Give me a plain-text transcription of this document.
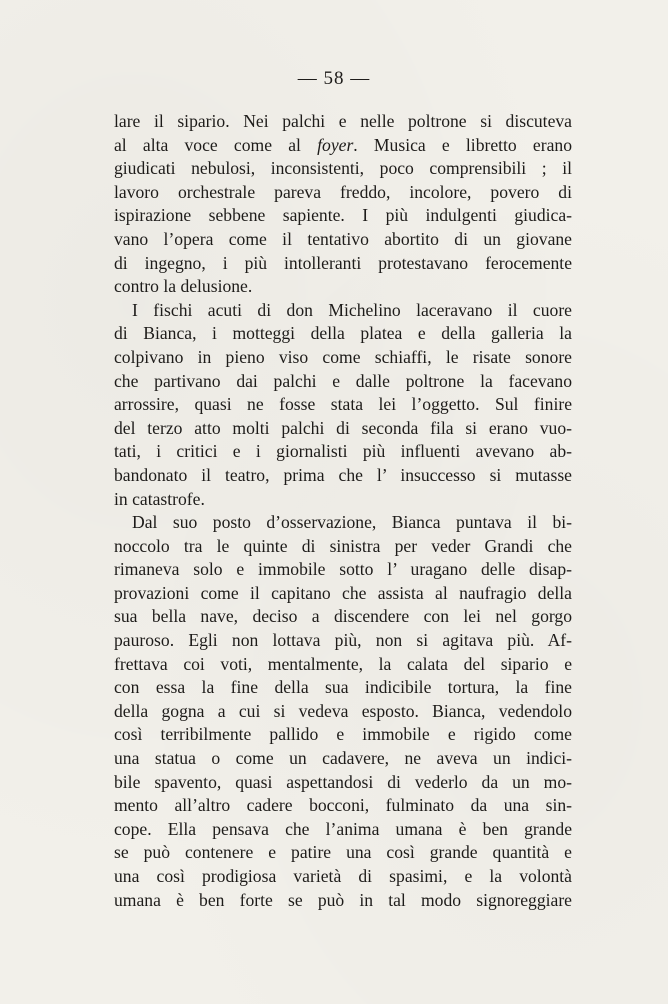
— 58 —

lare il sipario. Nei palchi e nelle poltrone si discuteva
al alta voce come al foyer. Musica e libretto erano
giudicati nebulosi, inconsistenti, poco comprensibili ; il
lavoro orchestrale pareva freddo, incolore, povero di
ispirazione sebbene sapiente. I più indulgenti giudica-
vano l’opera come il tentativo abortito di un giovane
di ingegno, i più intolleranti protestavano ferocemente
contro la delusione.

I fischi acuti di don Michelino laceravano il cuore
di Bianca, i motteggi della platea e della galleria la
colpivano in pieno viso come schiaffi, le risate sonore
che partivano dai palchi e dalle poltrone la facevano
arrossire, quasi ne fosse stata lei l’oggetto. Sul finire
del terzo atto molti palchi di seconda fila si erano vuo-
tati, i critici e i giornalisti più influenti avevano ab-
bandonato il teatro, prima che l’ insuccesso si mutasse
in catastrofe.

Dal suo posto d’osservazione, Bianca puntava il bi-
noccolo tra le quinte di sinistra per veder Grandi che
rimaneva solo e immobile sotto l’ uragano delle disap-
provazioni come il capitano che assista al naufragio della
sua bella nave, deciso a discendere con lei nel gorgo
pauroso. Egli non lottava più, non si agitava più. Af-
frettava coi voti, mentalmente, la calata del sipario e
con essa la fine della sua indicibile tortura, la fine
della gogna a cui si vedeva esposto. Bianca, vedendolo
così terribilmente pallido e immobile e rigido come
una statua o come un cadavere, ne aveva un indici-
bile spavento, quasi aspettandosi di vederlo da un mo-
mento all’altro cadere bocconi, fulminato da una sin-
cope. Ella pensava che l’anima umana è ben grande
se può contenere e patire una così grande quantità e
una così prodigiosa varietà di spasimi, e la volontà
umana è ben forte se può in tal modo signoreggiare
